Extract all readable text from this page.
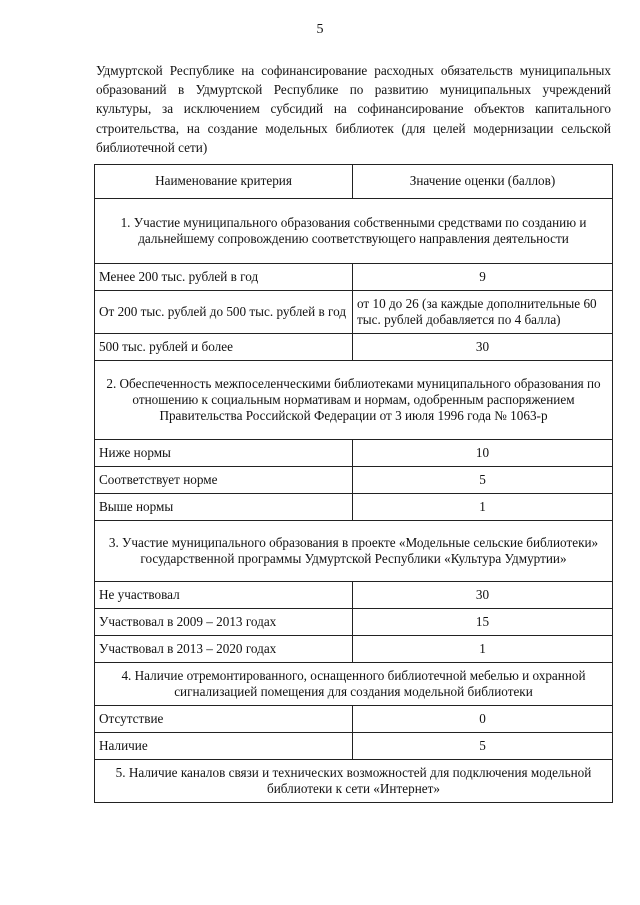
5
Удмуртской Республике на софинансирование расходных обязательств муниципальных образований в Удмуртской Республике по развитию муниципальных учреждений культуры, за исключением субсидий на софинансирование объектов капитального строительства, на создание модельных библиотек (для целей модернизации сельской библиотечной сети)
Наименование критерия	Значение оценки (баллов)
1. Участие муниципального образования собственными средствами по созданию и дальнейшему сопровождению соответствующего направления деятельности	
Менее 200 тыс. рублей в год	9
От 200 тыс. рублей до 500 тыс. рублей в год	от 10 до 26 (за каждые дополнительные 60 тыс. рублей добавляется по 4 балла)
500 тыс. рублей и более	30
2. Обеспеченность межпоселенческими библиотеками муниципального образования по отношению к социальным нормативам и нормам, одобренным распоряжением Правительства Российской Федерации от 3 июля 1996 года № 1063-р	
Ниже нормы	10
Соответствует норме	5
Выше нормы	1
3. Участие муниципального образования в проекте «Модельные сельские библиотеки» государственной программы Удмуртской Республики «Культура Удмуртии»	
Не участвовал	30
Участвовал в 2009 – 2013 годах	15
Участвовал в 2013 – 2020 годах	1
4. Наличие отремонтированного, оснащенного библиотечной мебелью и охранной сигнализацией помещения для создания модельной библиотеки	
Отсутствие	0
Наличие	5
5. Наличие каналов связи и технических возможностей для подключения модельной библиотеки к сети «Интернет»	
